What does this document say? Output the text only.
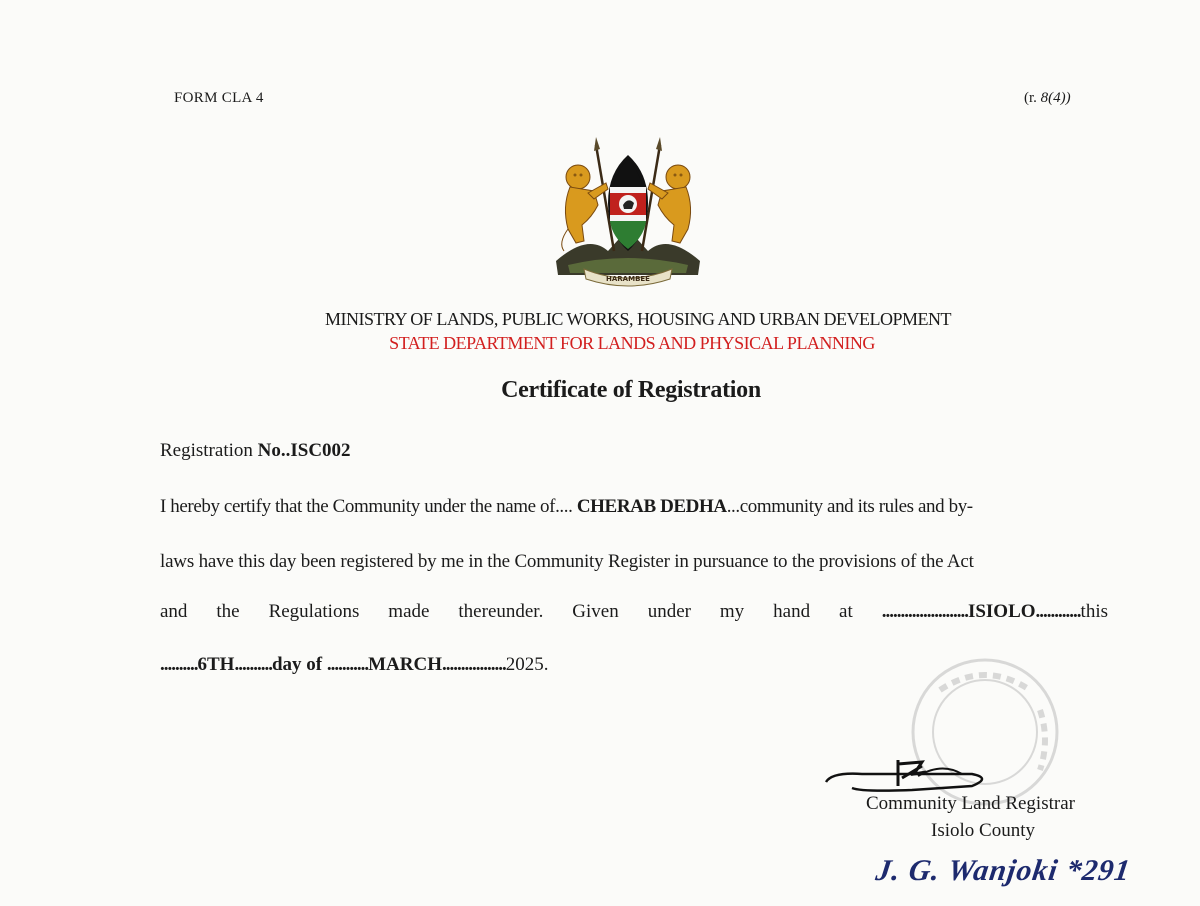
FORM CLA 4	(r. 8(4))
HARAMBEE
MINISTRY OF LANDS, PUBLIC WORKS, HOUSING AND URBAN DEVELOPMENT
STATE DEPARTMENT FOR LANDS AND PHYSICAL PLANNING
Certificate of Registration
Registration No..ISC002
I hereby certify that the Community under the name of.... CHERAB DEDHA...community and its rules and by-
laws have this day been registered by me in the Community Register in pursuance to the provisions of the Act
and the Regulations made thereunder. Given under my hand at .......................ISIOLO............this
..........6TH..........day of ...........MARCH.................2025.
Community Land Registrar
Isiolo County
J. G. Wanjoki *291
